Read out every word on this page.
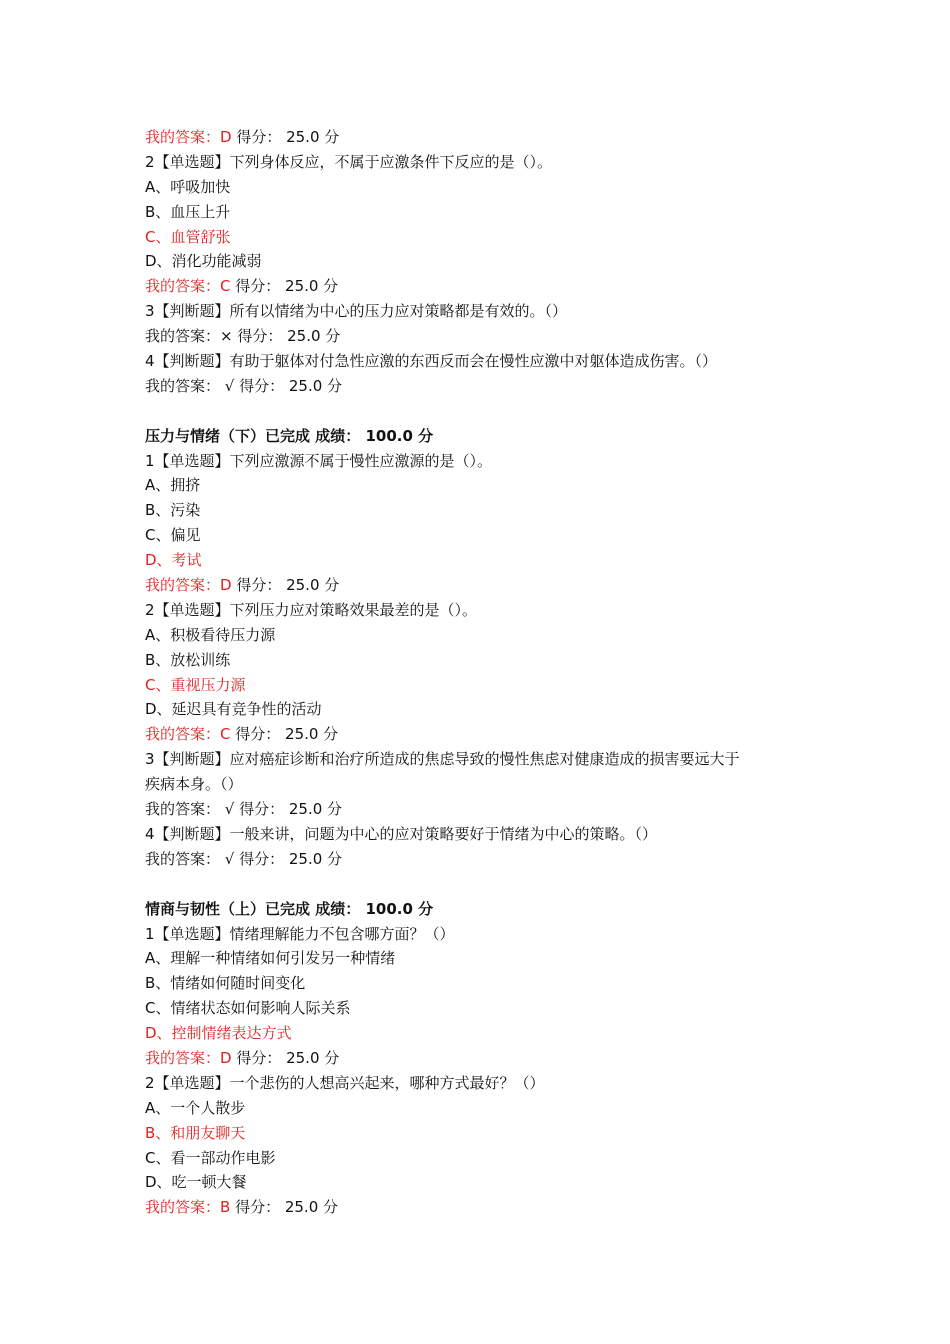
我的答案：D 得分： 25.0 分
2【单选题】下列身体反应，不属于应激条件下反应的是（）。
A、呼吸加快
B、血压上升
C、血管舒张
D、消化功能减弱
我的答案：C 得分： 25.0 分
3【判断题】所有以情绪为中心的压力应对策略都是有效的。（）
我的答案：× 得分： 25.0 分
4【判断题】有助于躯体对付急性应激的东西反而会在慢性应激中对躯体造成伤害。（）
我的答案： √ 得分： 25.0 分
压力与情绪（下）已完成 成绩： 100.0 分
1【单选题】下列应激源不属于慢性应激源的是（）。
A、拥挤
B、污染
C、偏见
D、考试
我的答案：D 得分： 25.0 分
2【单选题】下列压力应对策略效果最差的是（）。
A、积极看待压力源
B、放松训练
C、重视压力源
D、延迟具有竞争性的活动
我的答案：C 得分： 25.0 分
3【判断题】应对癌症诊断和治疗所造成的焦虑导致的慢性焦虑对健康造成的损害要远大于
疾病本身。（）
我的答案： √ 得分： 25.0 分
4【判断题】一般来讲，问题为中心的应对策略要好于情绪为中心的策略。（）
我的答案： √ 得分： 25.0 分
情商与韧性（上）已完成 成绩： 100.0 分
1【单选题】情绪理解能力不包含哪方面？（）
A、理解一种情绪如何引发另一种情绪
B、情绪如何随时间变化
C、情绪状态如何影响人际关系
D、控制情绪表达方式
我的答案：D 得分： 25.0 分
2【单选题】一个悲伤的人想高兴起来，哪种方式最好？（）
A、一个人散步
B、和朋友聊天
C、看一部动作电影
D、吃一顿大餐
我的答案：B 得分： 25.0 分
